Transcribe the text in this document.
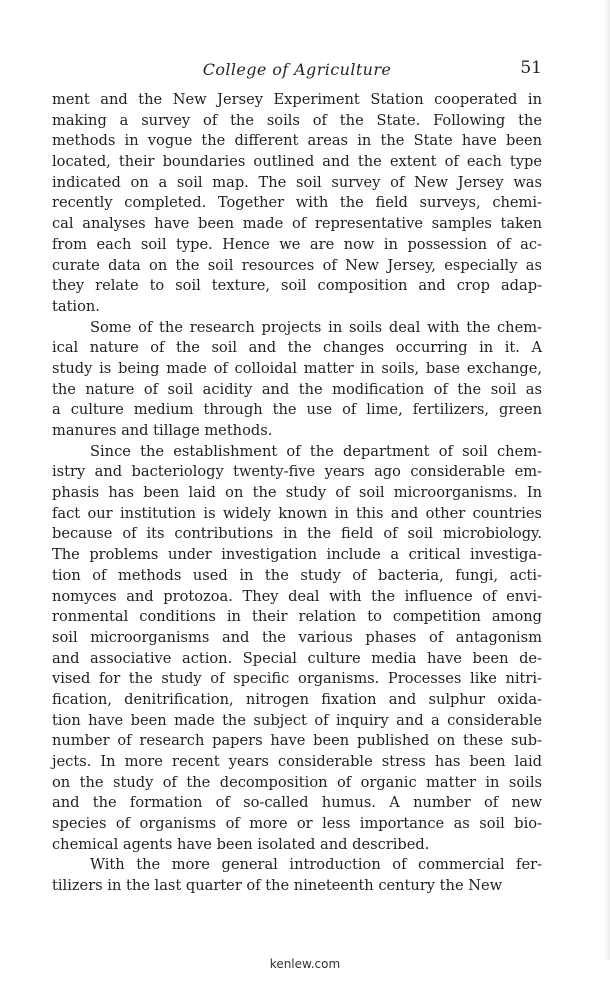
College of Agriculture	51
ment and the New Jersey Experiment Station cooperated in
making a survey of the soils of the State. Following the
methods in vogue the different areas in the State have been
located, their boundaries outlined and the extent of each type
indicated on a soil map. The soil survey of New Jersey was
recently completed. Together with the field surveys, chemi-
cal analyses have been made of representative samples taken
from each soil type. Hence we are now in possession of ac-
curate data on the soil resources of New Jersey, especially as
they relate to soil texture, soil composition and crop adap-
tation.
Some of the research projects in soils deal with the chem-
ical nature of the soil and the changes occurring in it. A
study is being made of colloidal matter in soils, base exchange,
the nature of soil acidity and the modification of the soil as
a culture medium through the use of lime, fertilizers, green
manures and tillage methods.
Since the establishment of the department of soil chem-
istry and bacteriology twenty-five years ago considerable em-
phasis has been laid on the study of soil microorganisms. In
fact our institution is widely known in this and other countries
because of its contributions in the field of soil microbiology.
The problems under investigation include a critical investiga-
tion of methods used in the study of bacteria, fungi, acti-
nomyces and protozoa. They deal with the influence of envi-
ronmental conditions in their relation to competition among
soil microorganisms and the various phases of antagonism
and associative action. Special culture media have been de-
vised for the study of specific organisms. Processes like nitri-
fication, denitrification, nitrogen fixation and sulphur oxida-
tion have been made the subject of inquiry and a considerable
number of research papers have been published on these sub-
jects. In more recent years considerable stress has been laid
on the study of the decomposition of organic matter in soils
and the formation of so-called humus. A number of new
species of organisms of more or less importance as soil bio-
chemical agents have been isolated and described.
With the more general introduction of commercial fer-
tilizers in the last quarter of the nineteenth century the New
kenlew.com
